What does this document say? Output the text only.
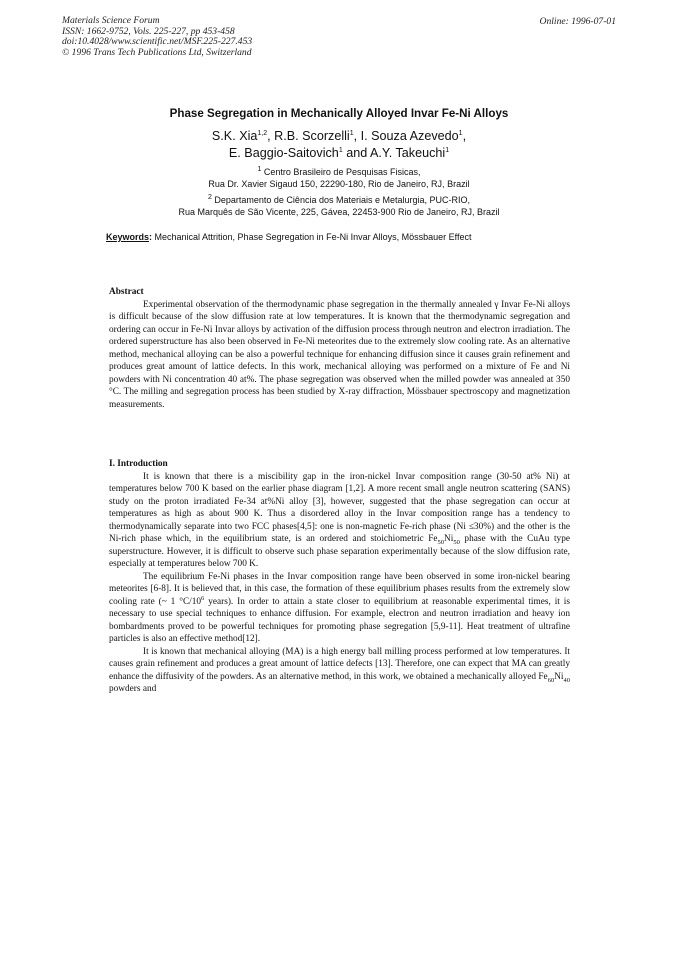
Materials Science Forum
ISSN: 1662-9752, Vols. 225-227, pp 453-458
doi:10.4028/www.scientific.net/MSF.225-227.453
© 1996 Trans Tech Publications Ltd, Switzerland
Online: 1996-07-01
Phase Segregation in Mechanically Alloyed Invar Fe-Ni Alloys
S.K. Xia$^{1,2}$, R.B. Scorzelli$^1$, I. Souza Azevedo$^1$,
E. Baggio-Saitovich$^1$ and A.Y. Takeuchi$^1$
$^1$ Centro Brasileiro de Pesquisas Fisicas,
Rua Dr. Xavier Sigaud 150, 22290-180, Rio de Janeiro, RJ, Brazil
$^2$ Departamento de Ciência dos Materiais e Metalurgia, PUC-RIO,
Rua Marquês de São Vicente, 225, Gávea, 22453-900 Rio de Janeiro, RJ, Brazil
Keywords: Mechanical Attrition, Phase Segregation in Fe-Ni Invar Alloys, Mössbauer Effect

Abstract

Experimental observation of the thermodynamic phase segregation in the thermally annealed γ Invar Fe-Ni alloys is difficult because of the slow diffusion rate at low temperatures. It is known that the thermodynamic segregation and ordering can occur in Fe-Ni Invar alloys by activation of the diffusion process through neutron and electron irradiation. The ordered superstructure has also been observed in Fe-Ni meteorites due to the extremely slow cooling rate. As an alternative method, mechanical alloying can be also a powerful technique for enhancing diffusion since it causes grain refinement and produces great amount of lattice defects. In this work, mechanical alloying was performed on a mixture of Fe and Ni powders with Ni concentration 40 at%. The phase segregation was observed when the milled powder was annealed at 350 °C. The milling and segregation process has been studied by X-ray diffraction, Mössbauer spectroscopy and magnetization measurements.

I. Introduction

It is known that there is a miscibility gap in the iron-nickel Invar composition range (30-50 at% Ni) at temperatures below 700 K based on the earlier phase diagram [1,2]. A more recent small angle neutron scattering (SANS) study on the proton irradiated Fe-34 at%Ni alloy [3], however, suggested that the phase segregation can occur at temperatures as high as about 900 K. Thus a disordered alloy in the Invar composition range has a tendency to thermodynamically separate into two FCC phases[4,5]: one is non-magnetic Fe-rich phase (Ni ≤30%) and the other is the Ni-rich phase which, in the equilibrium state, is an ordered and stoichiometric $Fe_{50}Ni_{50}$ phase with the CuAu type superstructure. However, it is difficult to observe such phase separation experimentally because of the slow diffusion rate, especially at temperatures below 700 K.

The equilibrium Fe-Ni phases in the Invar composition range have been observed in some iron-nickel bearing meteorites [6-8]. It is believed that, in this case, the formation of these equilibrium phases results from the extremely slow cooling rate (~ 1 $^\circ C/10^6$ years). In order to attain a state closer to equilibrium at reasonable experimental times, it is necessary to use special techniques to enhance diffusion. For example, electron and neutron irradiation and heavy ion bombardments proved to be powerful techniques for promoting phase segregation [5,9-11]. Heat treatment of ultrafine particles is also an effective method[12].

It is known that mechanical alloying (MA) is a high energy ball milling process performed at low temperatures. It causes grain refinement and produces a great amount of lattice defects [13]. Therefore, one can expect that MA can greatly enhance the diffusivity of the powders. As an alternative method, in this work, we obtained a mechanically alloyed $Fe_{60}Ni_{40}$ powders and
